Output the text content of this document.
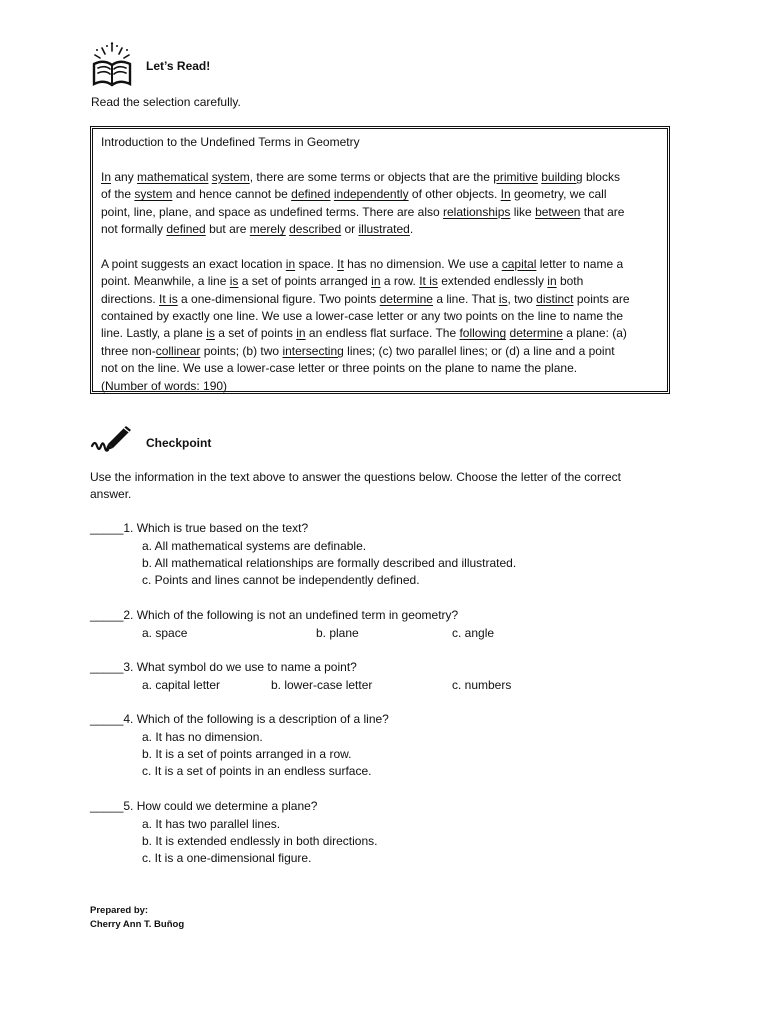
Let’s Read!
Read the selection carefully.
Introduction to the Undefined Terms in Geometry
In any mathematical system, there are some terms or objects that are the primitive building blocks
of the system and hence cannot be defined independently of other objects. In geometry, we call
point, line, plane, and space as undefined terms. There are also relationships like between that are
not formally defined but are merely described or illustrated.
A point suggests an exact location in space. It has no dimension. We use a capital letter to name a
point. Meanwhile, a line is a set of points arranged in a row. It is extended endlessly in both
directions. It is a one-dimensional figure. Two points determine a line. That is, two distinct points are
contained by exactly one line. We use a lower-case letter or any two points on the line to name the
line. Lastly, a plane is a set of points in an endless flat surface. The following determine a plane: (a)
three non-collinear points; (b) two intersecting lines; (c) two parallel lines; or (d) a line and a point
not on the line. We use a lower-case letter or three points on the plane to name the plane.
(Number of words: 190)
Checkpoint
Use the information in the text above to answer the questions below. Choose the letter of the correct
answer.
_____1. Which is true based on the text?
a. All mathematical systems are definable.
b. All mathematical relationships are formally described and illustrated.
c. Points and lines cannot be independently defined.
_____2. Which of the following is not an undefined term in geometry?
a. space	b. plane	c. angle
_____3. What symbol do we use to name a point?
a. capital letter	b. lower-case letter	c. numbers
_____4. Which of the following is a description of a line?
a. It has no dimension.
b. It is a set of points arranged in a row.
c. It is a set of points in an endless surface.
_____5. How could we determine a plane?
a. It has two parallel lines.
b. It is extended endlessly in both directions.
c. It is a one-dimensional figure.
Prepared by:
Cherry Ann T. Buñog
